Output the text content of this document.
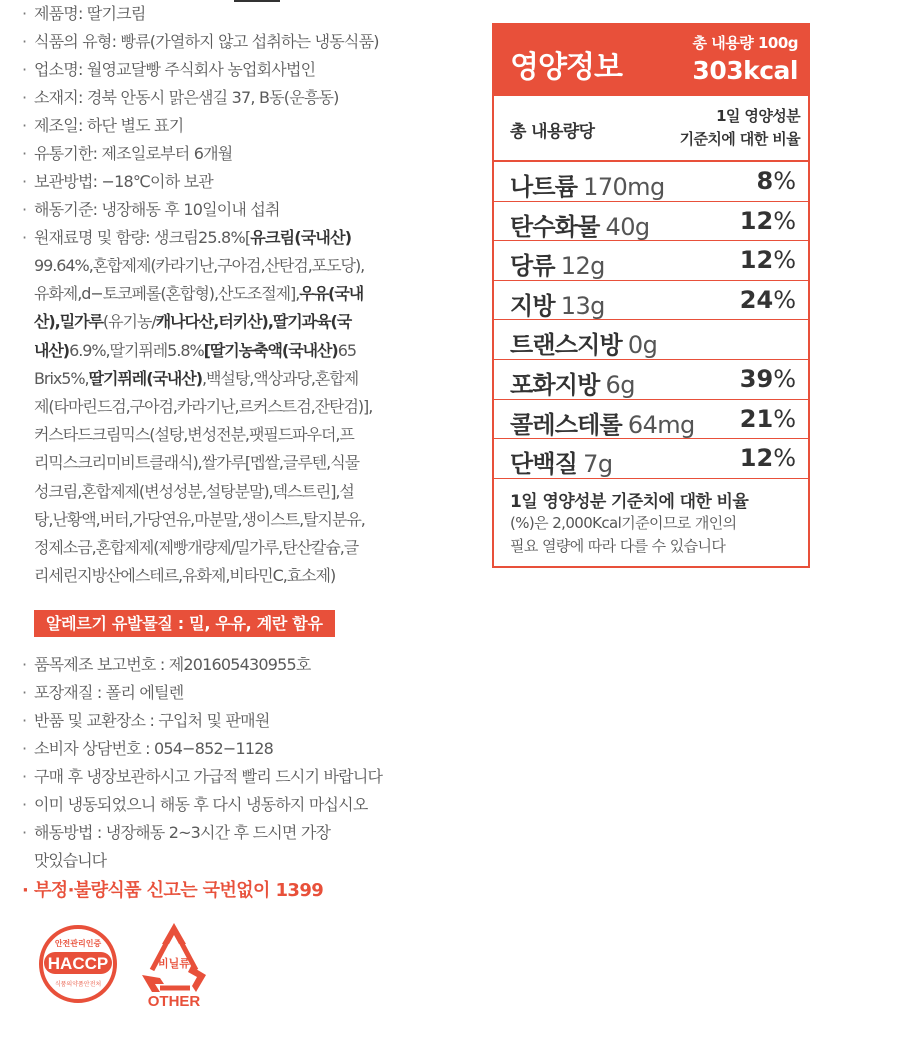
· 제품명: 딸기크림
· 식품의 유형: 빵류(가열하지 않고 섭취하는 냉동식품)
· 업소명: 월영교달빵 주식회사 농업회사법인
· 소재지: 경북 안동시 맑은샘길 37, B동(운흥동)
· 제조일: 하단 별도 표기
· 유통기한: 제조일로부터 6개월
· 보관방법: −18℃이하 보관
· 해동기준: 냉장해동 후 10일이내 섭취
· 원재료명 및 함량: 생크림25.8%[유크림(국내산)
99.64%,혼합제제(카라기난,구아검,산탄검,포도당),
유화제,d−토코페롤(혼합형),산도조절제],우유(국내
산),밀가루(유기농/캐나다산,터키산),딸기과육(국
내산)6.9%,딸기퓌레5.8%[딸기농축액(국내산)65
Brix5%,딸기퓌레(국내산),백설탕,액상과당,혼합제
제(타마린드검,구아검,카라기난,르커스트검,잔탄검)],
커스타드크림믹스(설탕,변성전분,팻필드파우더,프
리믹스크리미비트클래식),쌀가루[멥쌀,글루텐,식물
성크림,혼합제제(변성성분,설탕분말),덱스트린],설
탕,난황액,버터,가당연유,마분말,생이스트,탈지분유,
정제소금,혼합제제(제빵개량제/밀가루,탄산칼슘,글
리세린지방산에스테르,유화제,비타민C,효소제)
알레르기 유발물질 : 밀, 우유, 계란 함유
· 품목제조 보고번호 : 제201605430955호
· 포장재질 : 폴리 에틸렌
· 반품 및 교환장소 : 구입처 및 판매원
· 소비자 상담번호 : 054−852−1128
· 구매 후 냉장보관하시고 가급적 빨리 드시기 바랍니다
· 이미 냉동되었으니 해동 후 다시 냉동하지 마십시오
· 해동방법 : 냉장해동 2~3시간 후 드시면 가장
맛있습니다
· 부정·불량식품 신고는 국번없이 1399
안전관리인증
HACCP
식품의약품안전처
비닐류
OTHER
영양정보
총 내용량 100g
303kcal
총 내용량당
1일 영양성분
기준치에 대한 비율
나트륨 170mg	8%
탄수화물 40g	12%
당류 12g	12%
지방 13g	24%
트랜스지방 0g
포화지방 6g	39%
콜레스테롤 64mg 21%
단백질 7g	12%
1일 영양성분 기준치에 대한 비율
(%)은 2,000Kcal기준이므로 개인의
필요 열량에 따라 다를 수 있습니다
